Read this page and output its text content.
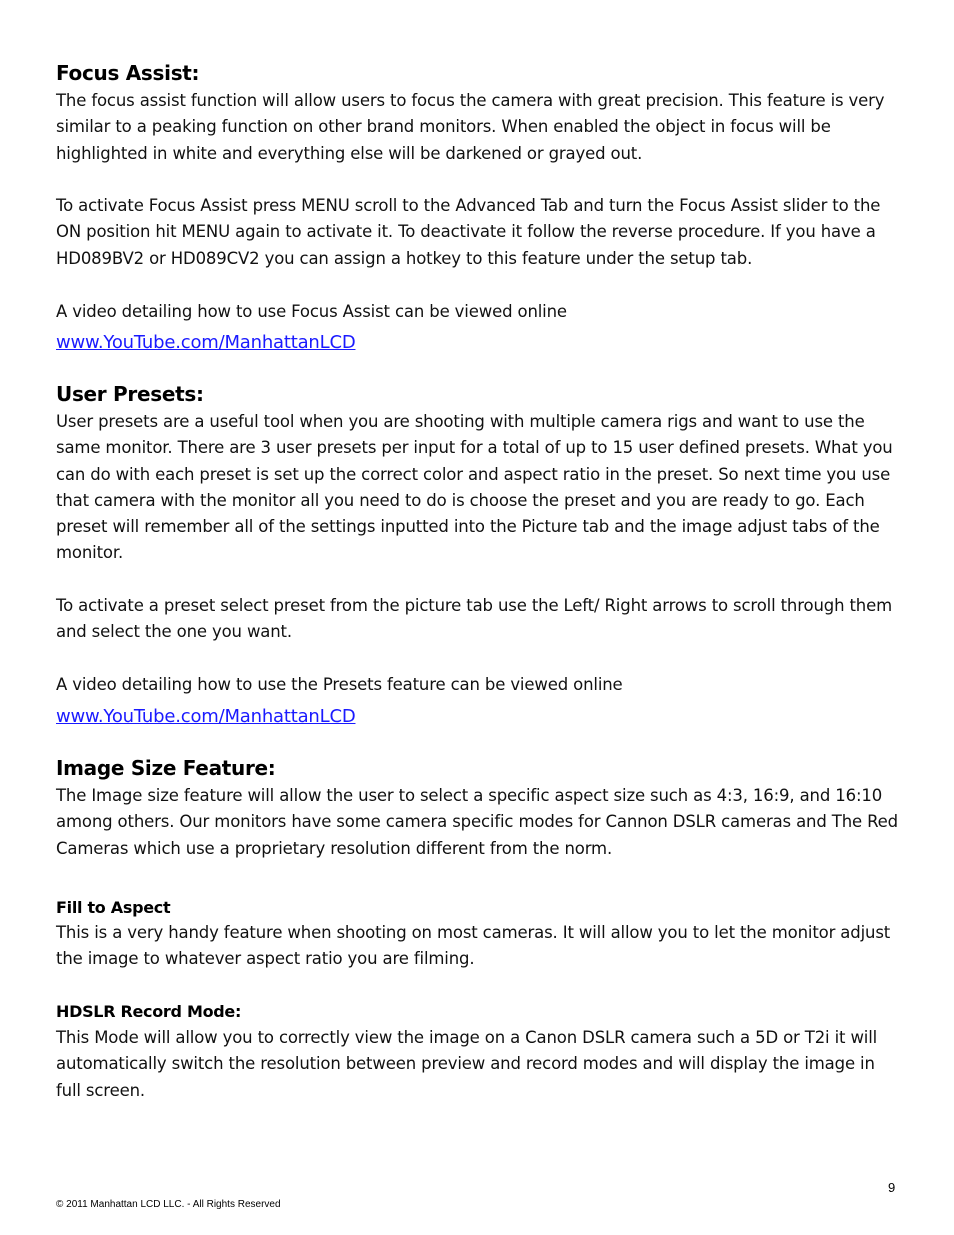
Focus Assist:

The focus assist function will allow users to focus the camera with great precision. This feature is very similar to a peaking function on other brand monitors. When enabled the object in focus will be highlighted in white and everything else will be darkened or grayed out.

To activate Focus Assist press MENU scroll to the Advanced Tab and turn the Focus Assist slider to the ON position hit MENU again to activate it. To deactivate it follow the reverse procedure. If you have a HD089BV2 or HD089CV2 you can assign a hotkey to this feature under the setup tab.

A video detailing how to use Focus Assist can be viewed online

www.YouTube.com/ManhattanLCD
User Presets:

User presets are a useful tool when you are shooting with multiple camera rigs and want to use the same monitor. There are 3 user presets per input for a total of up to 15 user defined presets. What you can do with each preset is set up the correct color and aspect ratio in the preset. So next time you use that camera with the monitor all you need to do is choose the preset and you are ready to go. Each preset will remember all of the settings inputted into the Picture tab and the image adjust tabs of the monitor.

To activate a preset select preset from the picture tab use the Left/ Right arrows to scroll through them and select the one you want.

A video detailing how to use the Presets feature can be viewed online

www.YouTube.com/ManhattanLCD
Image Size Feature:

The Image size feature will allow the user to select a specific aspect size such as 4:3, 16:9, and 16:10 among others. Our monitors have some camera specific modes for Cannon DSLR cameras and The Red Cameras which use a proprietary resolution different from the norm.

Fill to Aspect

This is a very handy feature when shooting on most cameras. It will allow you to let the monitor adjust the image to whatever aspect ratio you are filming.

HDSLR Record Mode:

This Mode will allow you to correctly view the image on a Canon DSLR camera such a 5D or T2i it will automatically switch the resolution between preview and record modes and will display the image in full screen.

9
© 2011 Manhattan LCD LLC. - All Rights Reserved
